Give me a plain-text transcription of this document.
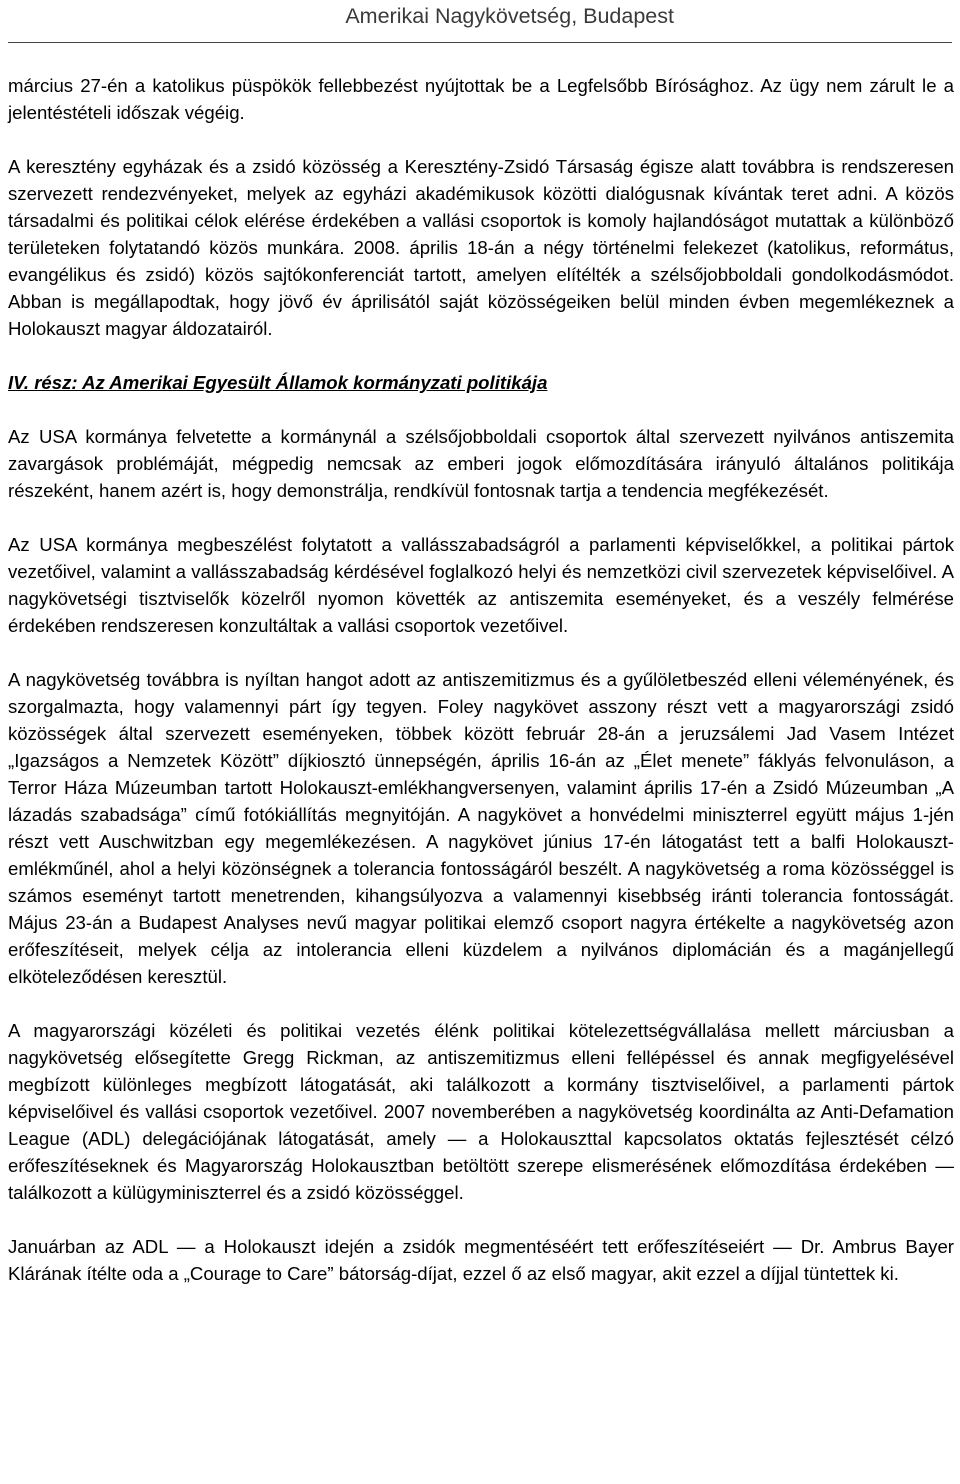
Amerikai Nagykövetség, Budapest

március 27-én a katolikus püspökök fellebbezést nyújtottak be a Legfelsőbb Bírósághoz. Az ügy nem zárult le a jelentéstételi időszak végéig.

A keresztény egyházak és a zsidó közösség a Keresztény-Zsidó Társaság égisze alatt továbbra is rendszeresen szervezett rendezvényeket, melyek az egyházi akadémikusok közötti dialógusnak kívántak teret adni. A közös társadalmi és politikai célok elérése érdekében a vallási csoportok is komoly hajlandóságot mutattak a különböző területeken folytatandó közös munkára. 2008. április 18-án a négy történelmi felekezet (katolikus, református, evangélikus és zsidó) közös sajtókonferenciát tartott, amelyen elítélték a szélsőjobboldali gondolkodásmódot. Abban is megállapodtak, hogy jövő év áprilisától saját közösségeiken belül minden évben megemlékeznek a Holokauszt magyar áldozatairól.

IV. rész: Az Amerikai Egyesült Államok kormányzati politikája

Az USA kormánya felvetette a kormánynál a szélsőjobboldali csoportok által szervezett nyilvános antiszemita zavargások problémáját, mégpedig nemcsak az emberi jogok előmozdítására irányuló általános politikája részeként, hanem azért is, hogy demonstrálja, rendkívül fontosnak tartja a tendencia megfékezését.

Az USA kormánya megbeszélést folytatott a vallásszabadságról a parlamenti képviselőkkel, a politikai pártok vezetőivel, valamint a vallásszabadság kérdésével foglalkozó helyi és nemzetközi civil szervezetek képviselőivel. A nagykövetségi tisztviselők közelről nyomon követték az antiszemita eseményeket, és a veszély felmérése érdekében rendszeresen konzultáltak a vallási csoportok vezetőivel.

A nagykövetség továbbra is nyíltan hangot adott az antiszemitizmus és a gyűlöletbeszéd elleni véleményének, és szorgalmazta, hogy valamennyi párt így tegyen. Foley nagykövet asszony részt vett a magyarországi zsidó közösségek által szervezett eseményeken, többek között február 28-án a jeruzsálemi Jad Vasem Intézet „Igazságos a Nemzetek Között” díjkiosztó ünnepségén, április 16-án az „Élet menete” fáklyás felvonuláson, a Terror Háza Múzeumban tartott Holokauszt-emlékhangversenyen, valamint április 17-én a Zsidó Múzeumban „A lázadás szabadsága” című fotókiállítás megnyitóján. A nagykövet a honvédelmi miniszterrel együtt május 1-jén részt vett Auschwitzban egy megemlékezésen. A nagykövet június 17-én látogatást tett a balfi Holokauszt-emlékműnél, ahol a helyi közönségnek a tolerancia fontosságáról beszélt. A nagykövetség a roma közösséggel is számos eseményt tartott menetrenden, kihangsúlyozva a valamennyi kisebbség iránti tolerancia fontosságát. Május 23-án a Budapest Analyses nevű magyar politikai elemző csoport nagyra értékelte a nagykövetség azon erőfeszítéseit, melyek célja az intolerancia elleni küzdelem a nyilvános diplomácián és a magánjellegű elköteleződésen keresztül.

A magyarországi közéleti és politikai vezetés élénk politikai kötelezettségvállalása mellett márciusban a nagykövetség elősegítette Gregg Rickman, az antiszemitizmus elleni fellépéssel és annak megfigyelésével megbízott különleges megbízott látogatását, aki találkozott a kormány tisztviselőivel, a parlamenti pártok képviselőivel és vallási csoportok vezetőivel. 2007 novemberében a nagykövetség koordinálta az Anti-Defamation League (ADL) delegációjának látogatását, amely — a Holokauszttal kapcsolatos oktatás fejlesztését célzó erőfeszítéseknek és Magyarország Holokausztban betöltött szerepe elismerésének előmozdítása érdekében — találkozott a külügyminiszterrel és a zsidó közösséggel.

Januárban az ADL — a Holokauszt idején a zsidók megmentéséért tett erőfeszítéseiért — Dr. Ambrus Bayer Klárának ítélte oda a „Courage to Care” bátorság-díjat, ezzel ő az első magyar, akit ezzel a díjjal tüntettek ki.
